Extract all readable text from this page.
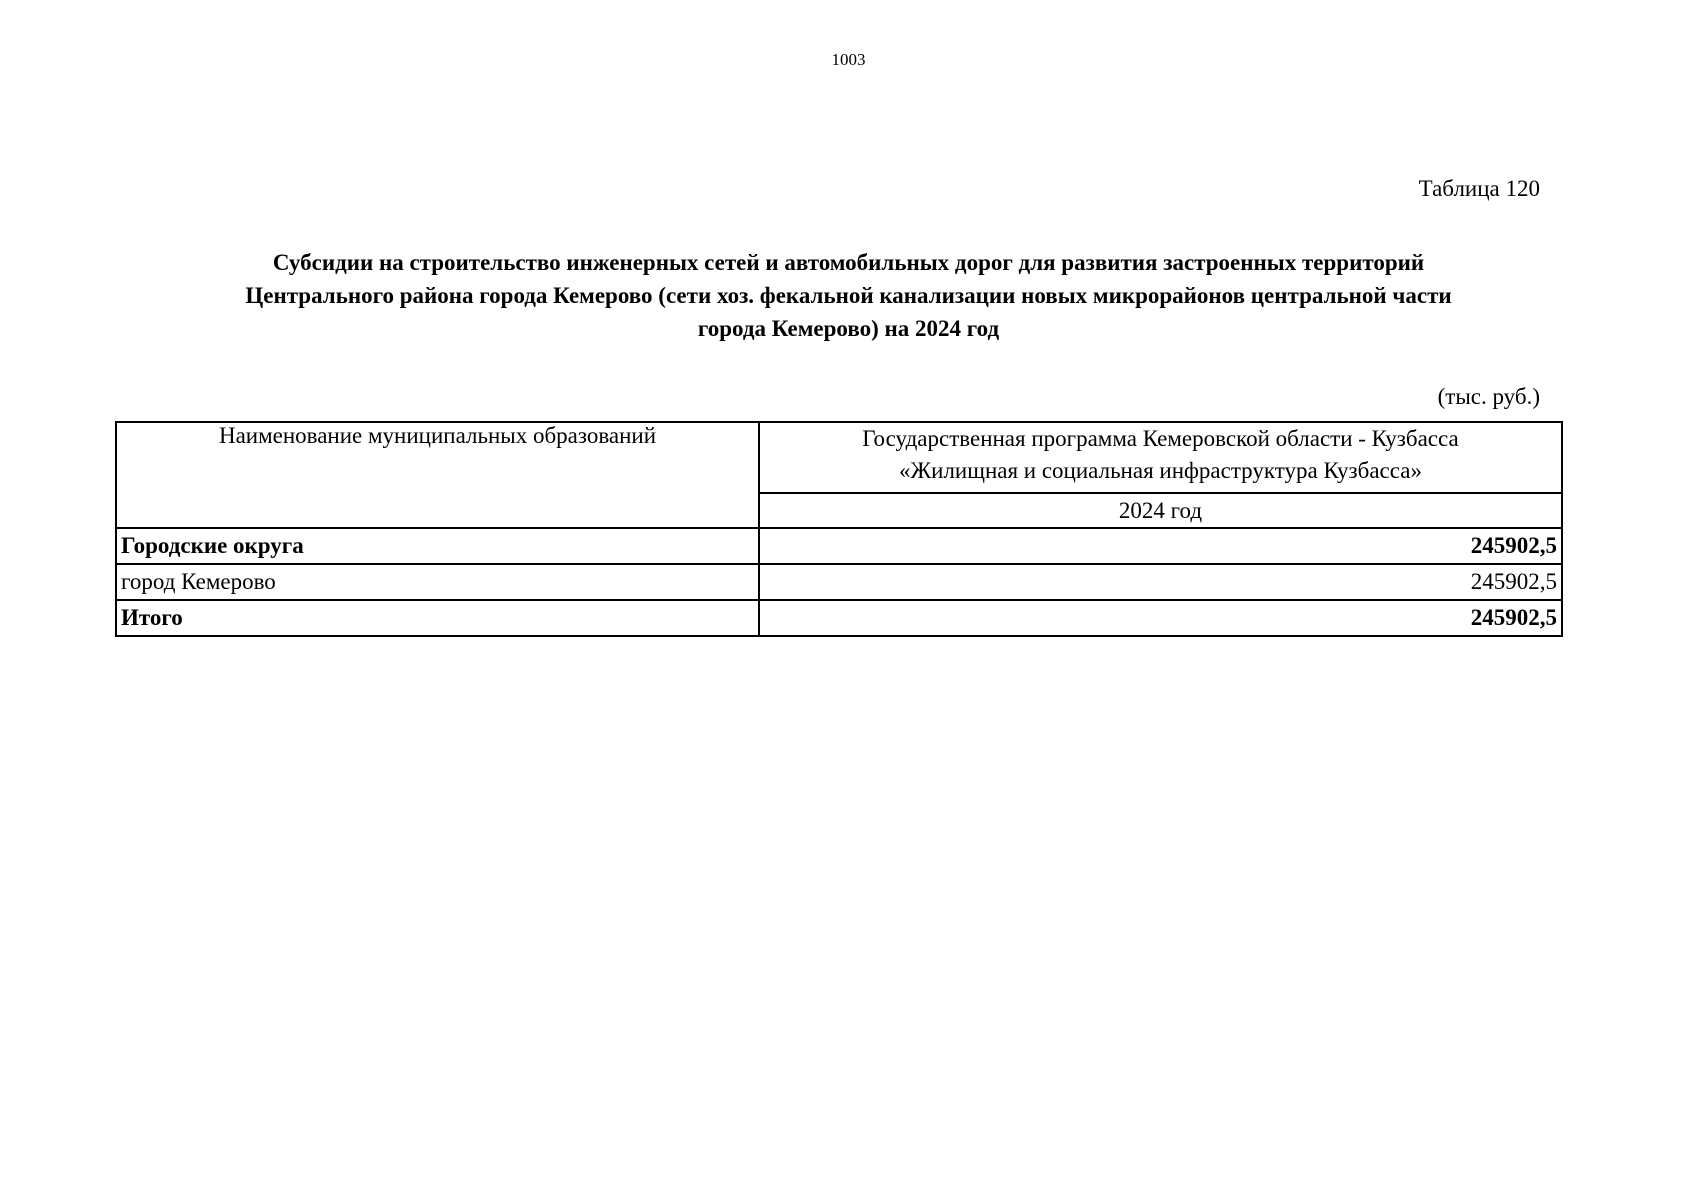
1003
Таблица 120
Субсидии на строительство инженерных сетей и автомобильных дорог для развития застроенных территорий
Центрального района города Кемерово (сети хоз. фекальной канализации новых микрорайонов центральной части
города Кемерово) на 2024 год
(тыс. руб.)
Наименование муниципальных образований	Государственная программа Кемеровской области - Кузбасса
«Жилищная и социальная инфраструктура Кузбасса»

	2024 год
Городские округа	245902,5
город Кемерово	245902,5
Итого	245902,5
